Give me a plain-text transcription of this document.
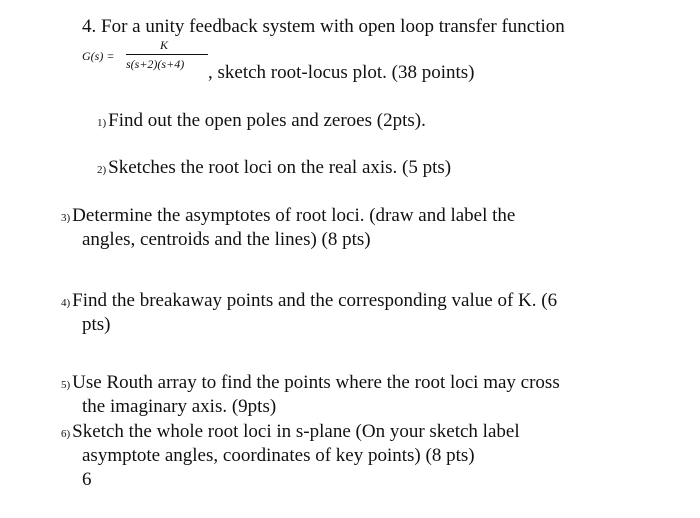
4. For a unity feedback system with open loop transfer function
G(s) =
K
s(s+2)(s+4) , sketch root-locus plot. (38 points)
1) Find out the open poles and zeroes (2pts).
2) Sketches the root loci on the real axis. (5 pts)
3) Determine the asymptotes of root loci. (draw and label the
angles, centroids and the lines) (8 pts)
4) Find the breakaway points and the corresponding value of K. (6
pts)
5) Use Routh array to find the points where the root loci may cross
the imaginary axis. (9pts)
6) Sketch the whole root loci in s-plane (On your sketch label
asymptote angles, coordinates of key points) (8 pts)
6
